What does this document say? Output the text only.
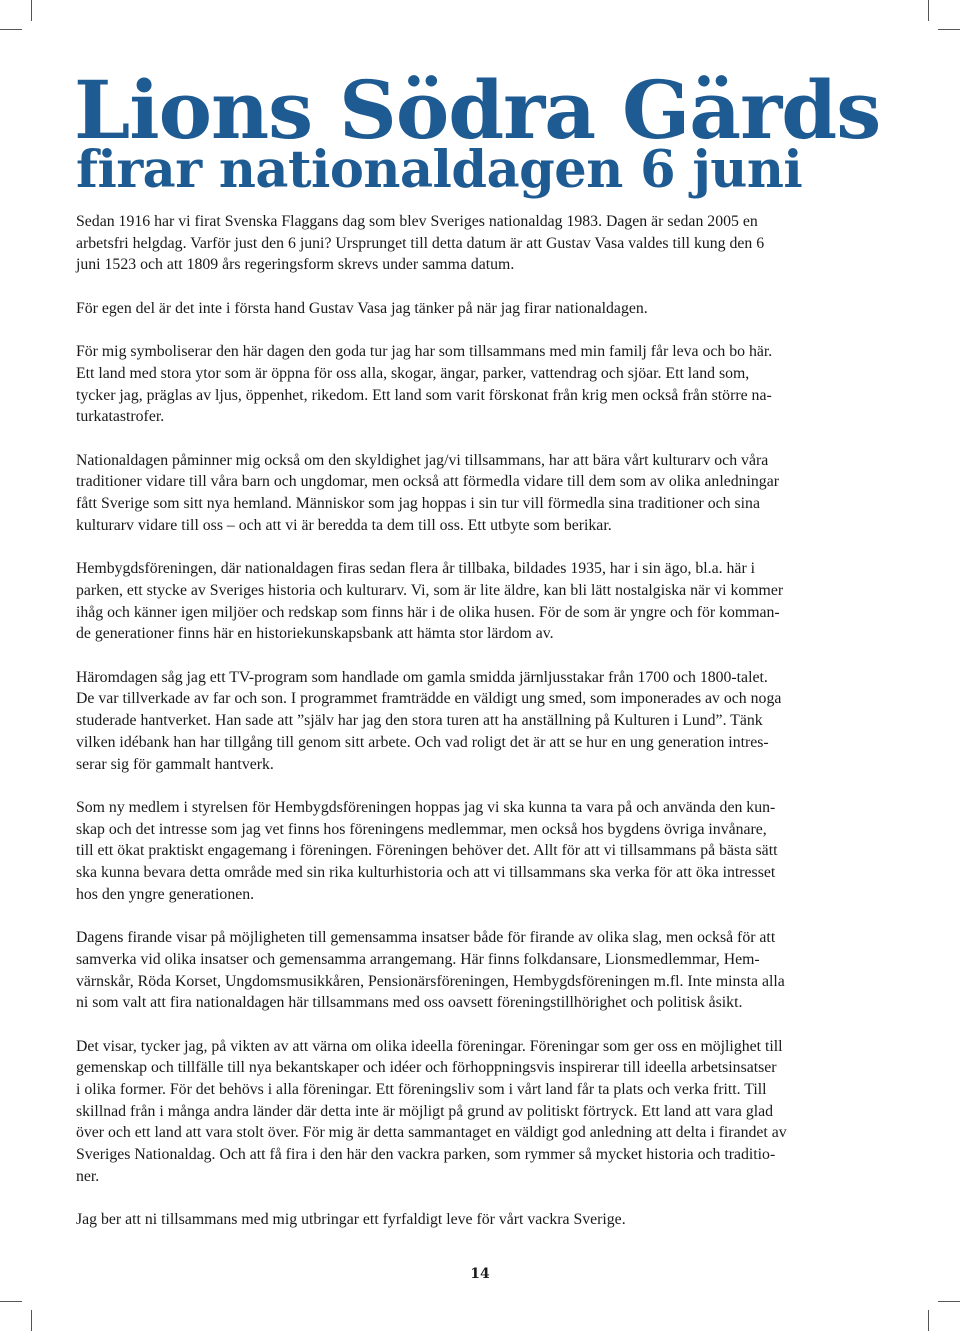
Lions Södra Gärds
firar nationaldagen 6 juni

Sedan 1916 har vi firat Svenska Flaggans dag som blev Sveriges nationaldag 1983. Dagen är sedan 2005 en
arbetsfri helgdag. Varför just den 6 juni? Ursprunget till detta datum är att Gustav Vasa valdes till kung den 6
juni 1523 och att 1809 års regeringsform skrevs under samma datum.

För egen del är det inte i första hand Gustav Vasa jag tänker på när jag firar nationaldagen.

För mig symboliserar den här dagen den goda tur jag har som tillsammans med min familj får leva och bo här.
Ett land med stora ytor som är öppna för oss alla, skogar, ängar, parker, vattendrag och sjöar. Ett land som,
tycker jag, präglas av ljus, öppenhet, rikedom. Ett land som varit förskonat från krig men också från större na-
turkatastrofer.

Nationaldagen påminner mig också om den skyldighet jag/vi tillsammans, har att bära vårt kulturarv och våra
traditioner vidare till våra barn och ungdomar, men också att förmedla vidare till dem som av olika anledningar
fått Sverige som sitt nya hemland. Människor som jag hoppas i sin tur vill förmedla sina traditioner och sina
kulturarv vidare till oss – och att vi är beredda ta dem till oss. Ett utbyte som berikar.

Hembygdsföreningen, där nationaldagen firas sedan flera år tillbaka, bildades 1935, har i sin ägo, bl.a. här i
parken, ett stycke av Sveriges historia och kulturarv. Vi, som är lite äldre, kan bli lätt nostalgiska när vi kommer
ihåg och känner igen miljöer och redskap som finns här i de olika husen. För de som är yngre och för komman-
de generationer finns här en historiekunskapsbank att hämta stor lärdom av.

Häromdagen såg jag ett TV-program som handlade om gamla smidda järnljusstakar från 1700 och 1800-talet.
De var tillverkade av far och son. I programmet framträdde en väldigt ung smed, som imponerades av och noga
studerade hantverket. Han sade att ”själv har jag den stora turen att ha anställning på Kulturen i Lund”. Tänk
vilken idébank han har tillgång till genom sitt arbete. Och vad roligt det är att se hur en ung generation intres-
serar sig för gammalt hantverk.

Som ny medlem i styrelsen för Hembygdsföreningen hoppas jag vi ska kunna ta vara på och använda den kun-
skap och det intresse som jag vet finns hos föreningens medlemmar, men också hos bygdens övriga invånare,
till ett ökat praktiskt engagemang i föreningen. Föreningen behöver det. Allt för att vi tillsammans på bästa sätt
ska kunna bevara detta område med sin rika kulturhistoria och att vi tillsammans ska verka för att öka intresset
hos den yngre generationen.

Dagens firande visar på möjligheten till gemensamma insatser både för firande av olika slag, men också för att
samverka vid olika insatser och gemensamma arrangemang. Här finns folkdansare, Lionsmedlemmar, Hem-
värnskår, Röda Korset, Ungdomsmusikkåren, Pensionärsföreningen, Hembygdsföreningen m.fl. Inte minsta alla
ni som valt att fira nationaldagen här tillsammans med oss oavsett föreningstillhörighet och politisk åsikt.

Det visar, tycker jag, på vikten av att värna om olika ideella föreningar. Föreningar som ger oss en möjlighet till
gemenskap och tillfälle till nya bekantskaper och idéer och förhoppningsvis inspirerar till ideella arbetsinsatser
i olika former. För det behövs i alla föreningar. Ett föreningsliv som i vårt land får ta plats och verka fritt. Till
skillnad från i många andra länder där detta inte är möjligt på grund av politiskt förtryck. Ett land att vara glad
över och ett land att vara stolt över. För mig är detta sammantaget en väldigt god anledning att delta i firandet av
Sveriges Nationaldag. Och att få fira i den här den vackra parken, som rymmer så mycket historia och traditio-
ner.

Jag ber att ni tillsammans med mig utbringar ett fyrfaldigt leve för vårt vackra Sverige.

14
